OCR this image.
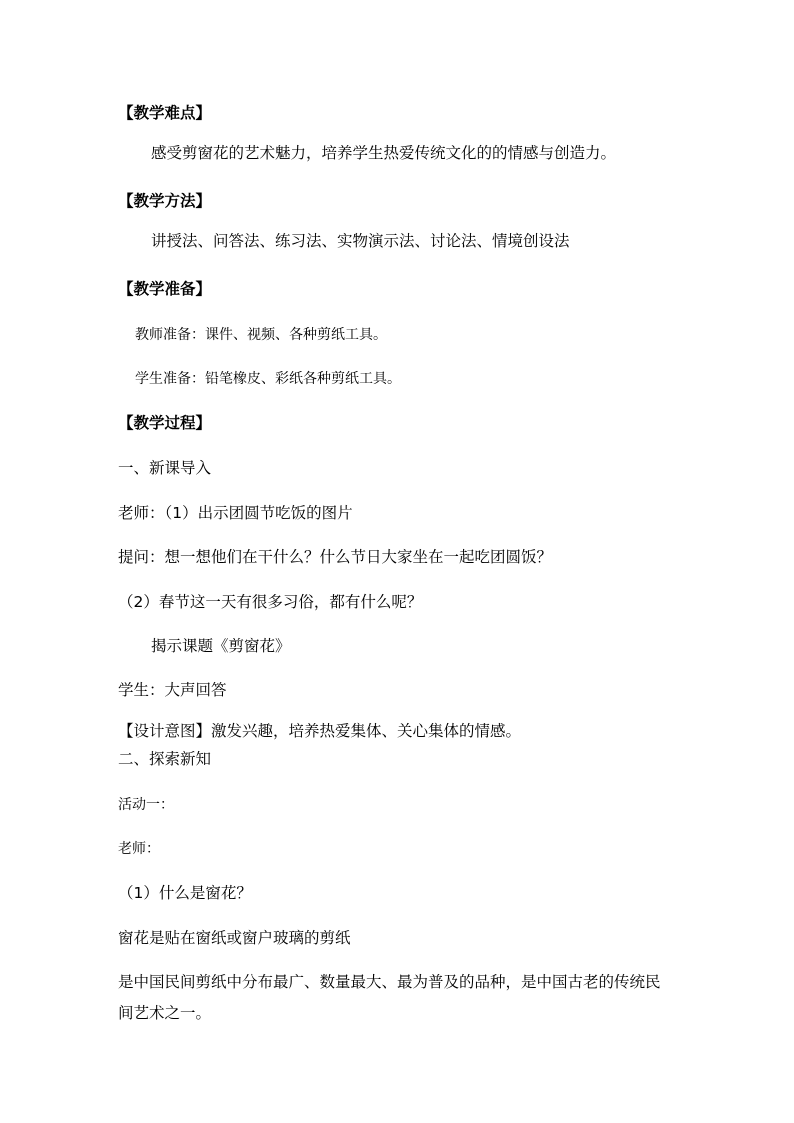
【教学难点】
感受剪窗花的艺术魅力，培养学生热爱传统文化的的情感与创造力。
【教学方法】
讲授法、问答法、练习法、实物演示法、讨论法、情境创设法
【教学准备】
教师准备：课件、视频、各种剪纸工具。
学生准备：铅笔橡皮、彩纸各种剪纸工具。
【教学过程】
一、新课导入
老师：（1）出示团圆节吃饭的图片
提问：想一想他们在干什么？什么节日大家坐在一起吃团圆饭？
（2）春节这一天有很多习俗，都有什么呢？
揭示课题《剪窗花》
学生：大声回答
【设计意图】激发兴趣，培养热爱集体、关心集体的情感。
二、探索新知
活动一：
老师：
（1）什么是窗花？
窗花是贴在窗纸或窗户玻璃的剪纸
是中国民间剪纸中分布最广、数量最大、最为普及的品种，是中国古老的传统民
间艺术之一。
